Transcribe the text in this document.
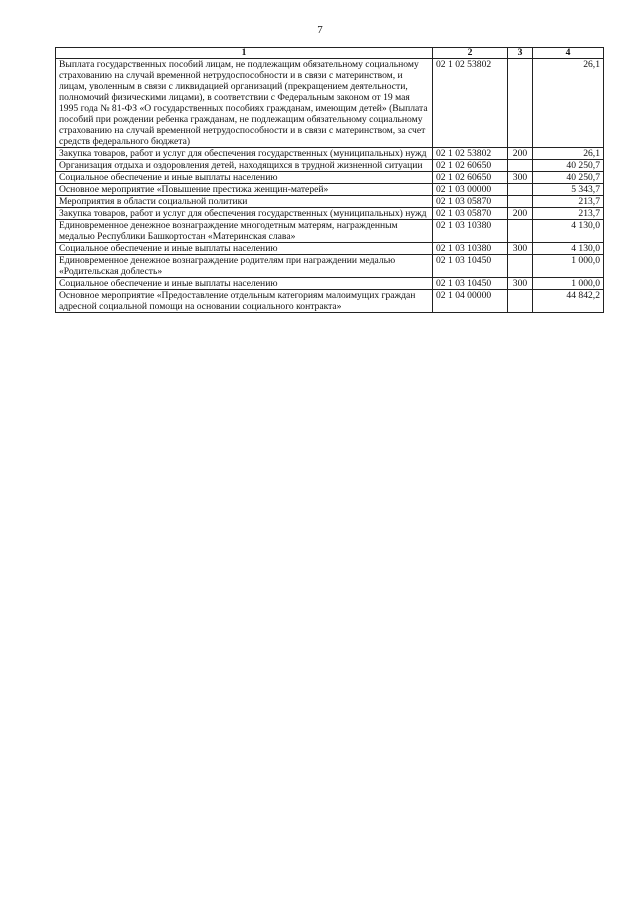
7
1	2	3	4
Выплата государственных пособий лицам, не подлежащим обязательному социальному страхованию на случай временной нетрудоспособности и в связи с материнством, и лицам, уволенным в связи с ликвидацией организаций (прекращением деятельности, полномочий физическими лицами), в соответствии с Федеральным законом от 19 мая 1995 года № 81-ФЗ «О государственных пособиях гражданам, имеющим детей» (Выплата пособий при рождении ребенка гражданам, не подлежащим обязательному социальному страхованию на случай временной нетрудоспособности и в связи с материнством, за счет средств федерального бюджета)	02 1 02 53802		26,1
Закупка товаров, работ и услуг для обеспечения государственных (муниципальных) нужд	02 1 02 53802	200	26,1
Организация отдыха и оздоровления детей, находящихся в трудной жизненной ситуации	02 1 02 60650		40 250,7
Социальное обеспечение и иные выплаты населению	02 1 02 60650	300	40 250,7
Основное мероприятие «Повышение престижа женщин-матерей»	02 1 03 00000		5 343,7
Мероприятия в области социальной политики	02 1 03 05870		213,7
Закупка товаров, работ и услуг для обеспечения государственных (муниципальных) нужд	02 1 03 05870	200	213,7
Единовременное денежное вознаграждение многодетным матерям, награжденным медалью Республики Башкортостан «Материнская слава»	02 1 03 10380		4 130,0
Социальное обеспечение и иные выплаты населению	02 1 03 10380	300	4 130,0
Единовременное денежное вознаграждение родителям при награждении медалью «Родительская доблесть»	02 1 03 10450		1 000,0
Социальное обеспечение и иные выплаты населению	02 1 03 10450	300	1 000,0
Основное мероприятие «Предоставление отдельным категориям малоимущих граждан адресной социальной помощи на основании социального контракта»	02 1 04 00000		44 842,2
